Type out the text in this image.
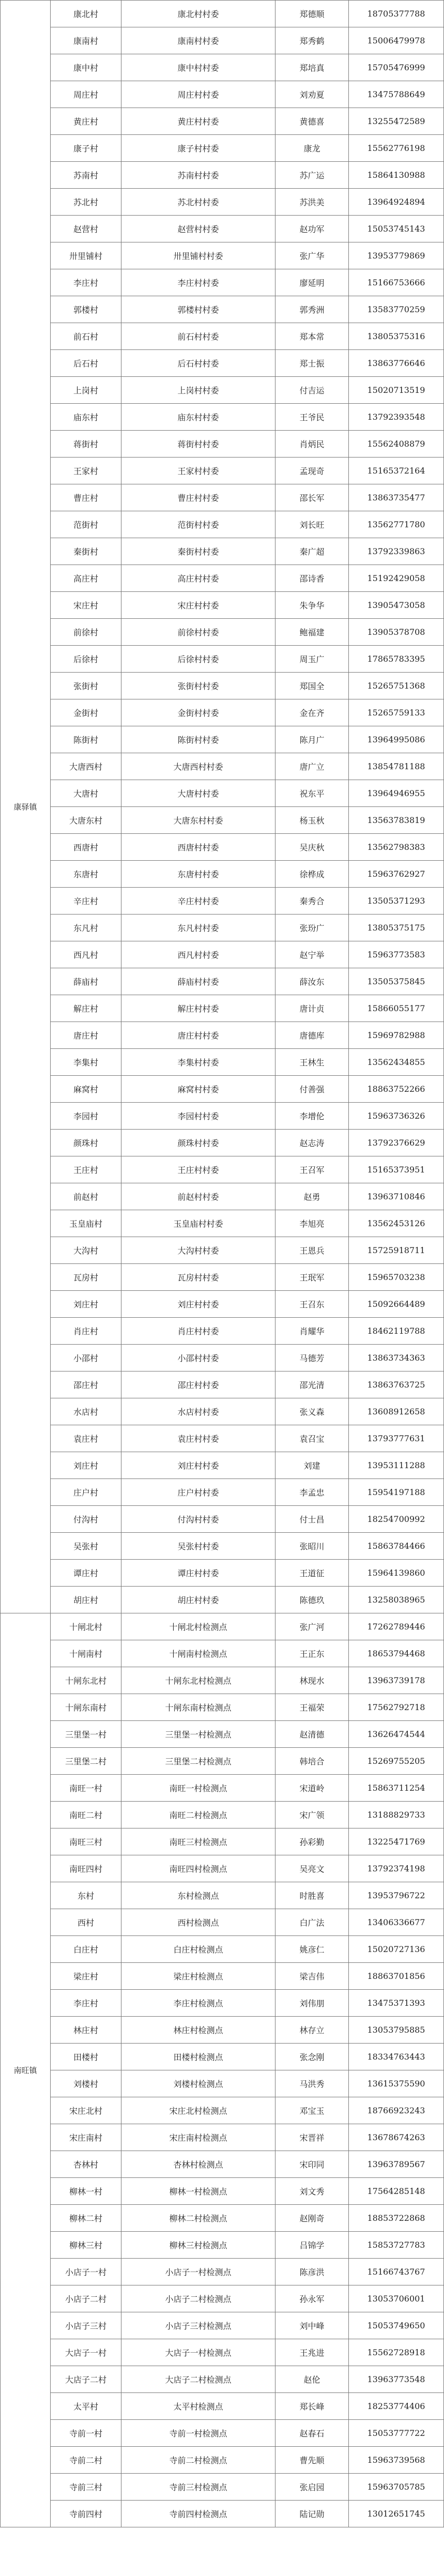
康驿镇	康北村	康北村村委	郑德顺	18705377788
	康南村	康南村村委	郑秀鹤	15006479978
	康中村	康中村村委	郑培真	15705476999
	周庄村	周庄村村委	刘劝夏	13475788649
	黄庄村	黄庄村村委	黄德喜	13255472589
	康子村	康子村村委	康龙	15562776198
	苏南村	苏南村村委	苏广运	15864130988
	苏北村	苏北村村委	苏洪美	13964924894
	赵营村	赵营村村委	赵功军	15053745143
	卅里铺村	卅里铺村村委	张广华	13953779869
	李庄村	李庄村村委	廖延明	15166753666
	郭楼村	郭楼村村委	郭秀洲	13583770259
	前石村	前石村村委	郑本常	13805375316
	后石村	后石村村委	郑士振	13863776646
	上岗村	上岗村村委	付吉运	15020713519
	庙东村	庙东村村委	王爷民	13792393548
	蒋街村	蒋街村村委	肖炳民	15562408879
	王家村	王家村村委	孟现奇	15165372164
	曹庄村	曹庄村村委	邵长军	13863735477
	范街村	范街村村委	刘长旺	13562771780
	秦街村	秦街村村委	秦广超	13792339863
	高庄村	高庄村村委	邵诗香	15192429058
	宋庄村	宋庄村村委	朱争华	13905473058
	前徐村	前徐村村委	鲍福建	13905378708
	后徐村	后徐村村委	周玉广	17865783395
	张街村	张街村村委	郑国全	15265751368
	金街村	金街村村委	金在齐	15265759133
	陈街村	陈街村村委	陈月广	13964995086
	大唐西村	大唐西村村委	唐广立	13854781188
	大唐村	大唐村村委	祝东平	13964946955
	大唐东村	大唐东村村委	杨玉秋	13563783819
	西唐村	西唐村村委	吴庆秋	13562798383
	东唐村	东唐村村委	徐桦成	15963762927
	辛庄村	辛庄村村委	秦秀合	13505371293
	东凡村	东凡村村委	张玢广	13805375175
	西凡村	西凡村村委	赵宁举	15963773583
	薛庙村	薛庙村村委	薛汝东	13505375845
	解庄村	解庄村村委	唐计贞	15866055177
	唐庄村	唐庄村村委	唐德库	15969782988
	李集村	李集村村委	王林生	13562434855
	麻窝村	麻窝村村委	付善强	18863752266
	李园村	李园村村委	李增伦	15963736326
	颜珠村	颜珠村村委	赵志涛	13792376629
	王庄村	王庄村村委	王召军	15165373951
	前赵村	前赵村村委	赵勇	13963710846
	玉皇庙村	玉皇庙村村委	李旭亮	13562453126
	大沟村	大沟村村委	王恩兵	15725918711
	瓦房村	瓦房村村委	王珉军	15965703238
	刘庄村	刘庄村村委	王召东	15092664489
	肖庄村	肖庄村村委	肖耀华	18462119788
	小邵村	小邵村村委	马德芳	13863734363
	邵庄村	邵庄村村委	邵光清	13863763725
	水店村	水店村村委	张义森	13608912658
	袁庄村	袁庄村村委	袁召宝	13793777631
	刘庄村	刘庄村村委	刘建	13953111288
	庄户村	庄户村村委	李孟忠	15954197188
	付沟村	付沟村村委	付士昌	18254700992
	吴张村	吴张村村委	张昭川	15863784466
	谭庄村	谭庄村村委	王道征	15964139860
	胡庄村	胡庄村村委	陈德玖	13258038965
南旺镇	十闸北村	十闸北村检测点	张广河	17262789446
	十闸南村	十闸南村检测点	王正东	18653794468
	十闸东北村	十闸东北村检测点	林现水	13963739178
	十闸东南村	十闸东南村检测点	王福荣	17562792718
	三里堡一村	三里堡一村检测点	赵清德	13626474544
	三里堡二村	三里堡二村检测点	韩培合	15269755205
	南旺一村	南旺一村检测点	宋道岭	15863711254
	南旺二村	南旺二村检测点	宋广领	13188829733
	南旺三村	南旺三村检测点	孙彩勤	13225471769
	南旺四村	南旺四村检测点	吴亮文	13792374198
	东村	东村检测点	时胜喜	13953796722
	西村	西村检测点	白广法	13406336677
	白庄村	白庄村检测点	姚彦仁	15020727136
	梁庄村	梁庄村检测点	梁吉伟	18863701856
	李庄村	李庄村检测点	刘伟朋	13475371393
	林庄村	林庄村检测点	林存立	13053795885
	田楼村	田楼村检测点	张念刚	18334763443
	刘楼村	刘楼村检测点	马洪秀	13615375590
	宋庄北村	宋庄北村检测点	邓宝玉	18766923243
	宋庄南村	宋庄南村检测点	宋晋祥	13678674263
	杏林村	杏林村检测点	宋印同	13963789567
	柳林一村	柳林一村检测点	刘文秀	17564285148
	柳林二村	柳林二村检测点	赵刚奇	18853722868
	柳林三村	柳林三村检测点	吕锦学	15853727783
	小店子一村	小店子一村检测点	陈彦洪	15166743767
	小店子二村	小店子二村检测点	孙永军	13053706001
	小店子三村	小店子三村检测点	刘中峰	15053749650
	大店子一村	大店子一村检测点	王兆进	15562728918
	大店子二村	大店子二村检测点	赵伦	13963773548
	太平村	太平村检测点	郑长峰	18253774406
	寺前一村	寺前一村检测点	赵春石	15053777722
	寺前二村	寺前二村检测点	曹先顺	15963739568
	寺前三村	寺前三村检测点	张启园	15963705785
	寺前四村	寺前四村检测点	陆记勋	13012651745
